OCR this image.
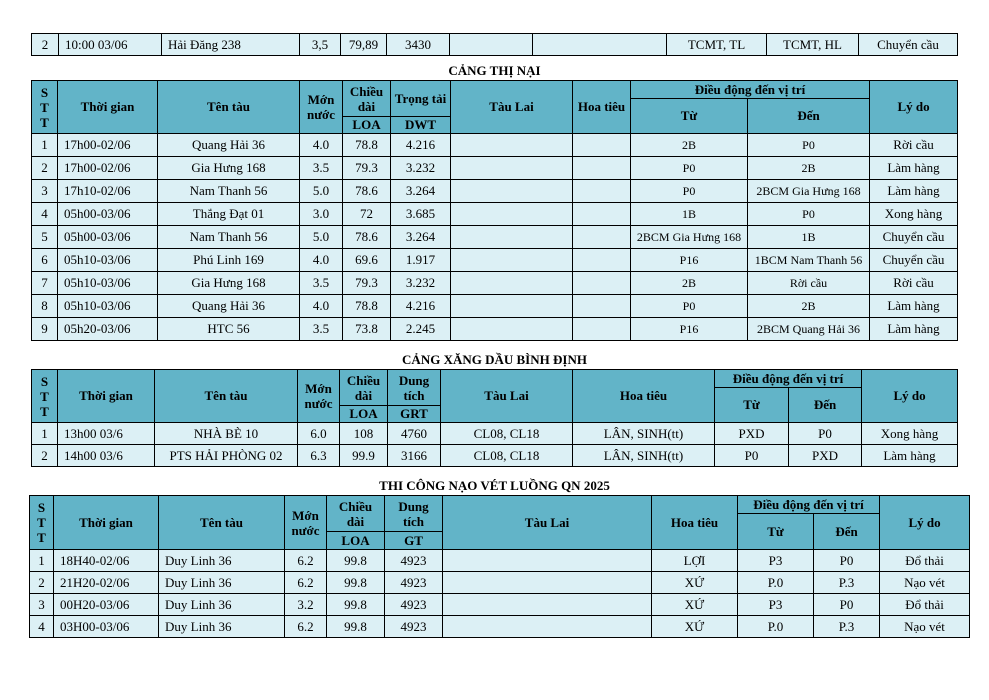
2	10:00 03/06	Hải Đăng 238	3,5	79,89	3430			TCMT, TL	TCMT, HL	Chuyển cầu
CẢNG THỊ NẠI
S
T
T	Thời gian	Tên tàu	Mớn nước	Chiều dài	Trọng tải	Tàu Lai	Hoa tiêu	Điều động đến vị trí		Lý do
								Từ	Đến	
				LOA	DWT					
1	17h00-02/06	Quang Hải 36	4.0	78.8	4.216			2B	P0	Rời cầu
2	17h00-02/06	Gia Hưng 168	3.5	79.3	3.232			P0	2B	Làm hàng
3	17h10-02/06	Nam Thanh 56	5.0	78.6	3.264			P0	2BCM Gia Hưng 168	Làm hàng
4	05h00-03/06	Thắng Đạt 01	3.0	72	3.685			1B	P0	Xong hàng
5	05h00-03/06	Nam Thanh 56	5.0	78.6	3.264			2BCM Gia Hưng 168	1B	Chuyển cầu
6	05h10-03/06	Phú Linh 169	4.0	69.6	1.917			P16	1BCM Nam Thanh 56	Chuyển cầu
7	05h10-03/06	Gia Hưng 168	3.5	79.3	3.232			2B	Rời cầu	Rời cầu
8	05h10-03/06	Quang Hải 36	4.0	78.8	4.216			P0	2B	Làm hàng
9	05h20-03/06	HTC 56	3.5	73.8	2.245			P16	2BCM Quang Hải 36	Làm hàng
CẢNG XĂNG DẦU BÌNH ĐỊNH
S
T
T	Thời gian	Tên tàu	Mớn nước	Chiều dài	Dung tích	Tàu Lai	Hoa tiêu	Điều động đến vị trí		Lý do
								Từ	Đến	
				LOA	GRT					
1	13h00 03/6	NHÀ BÈ 10	6.0	108	4760	CL08, CL18	LÂN, SINH(tt)	PXD	P0	Xong hàng
2	14h00 03/6	PTS HẢI PHÒNG 02	6.3	99.9	3166	CL08, CL18	LÂN, SINH(tt)	P0	PXD	Làm hàng
THI CÔNG NẠO VÉT LUỒNG QN 2025
S
T
T	Thời gian	Tên tàu	Mớn nước	Chiều dài	Dung tích	Tàu Lai	Hoa tiêu	Điều động đến vị trí		Lý do
								Từ	Đến	
				LOA	GT					
1	18H40-02/06	Duy Linh 36	6.2	99.8	4923		LỢI	P3	P0	Đổ thải
2	21H20-02/06	Duy Linh 36	6.2	99.8	4923		XỨ	P.0	P.3	Nạo vét
3	00H20-03/06	Duy Linh 36	3.2	99.8	4923		XỨ	P3	P0	Đổ thải
4	03H00-03/06	Duy Linh 36	6.2	99.8	4923		XỨ	P.0	P.3	Nạo vét
